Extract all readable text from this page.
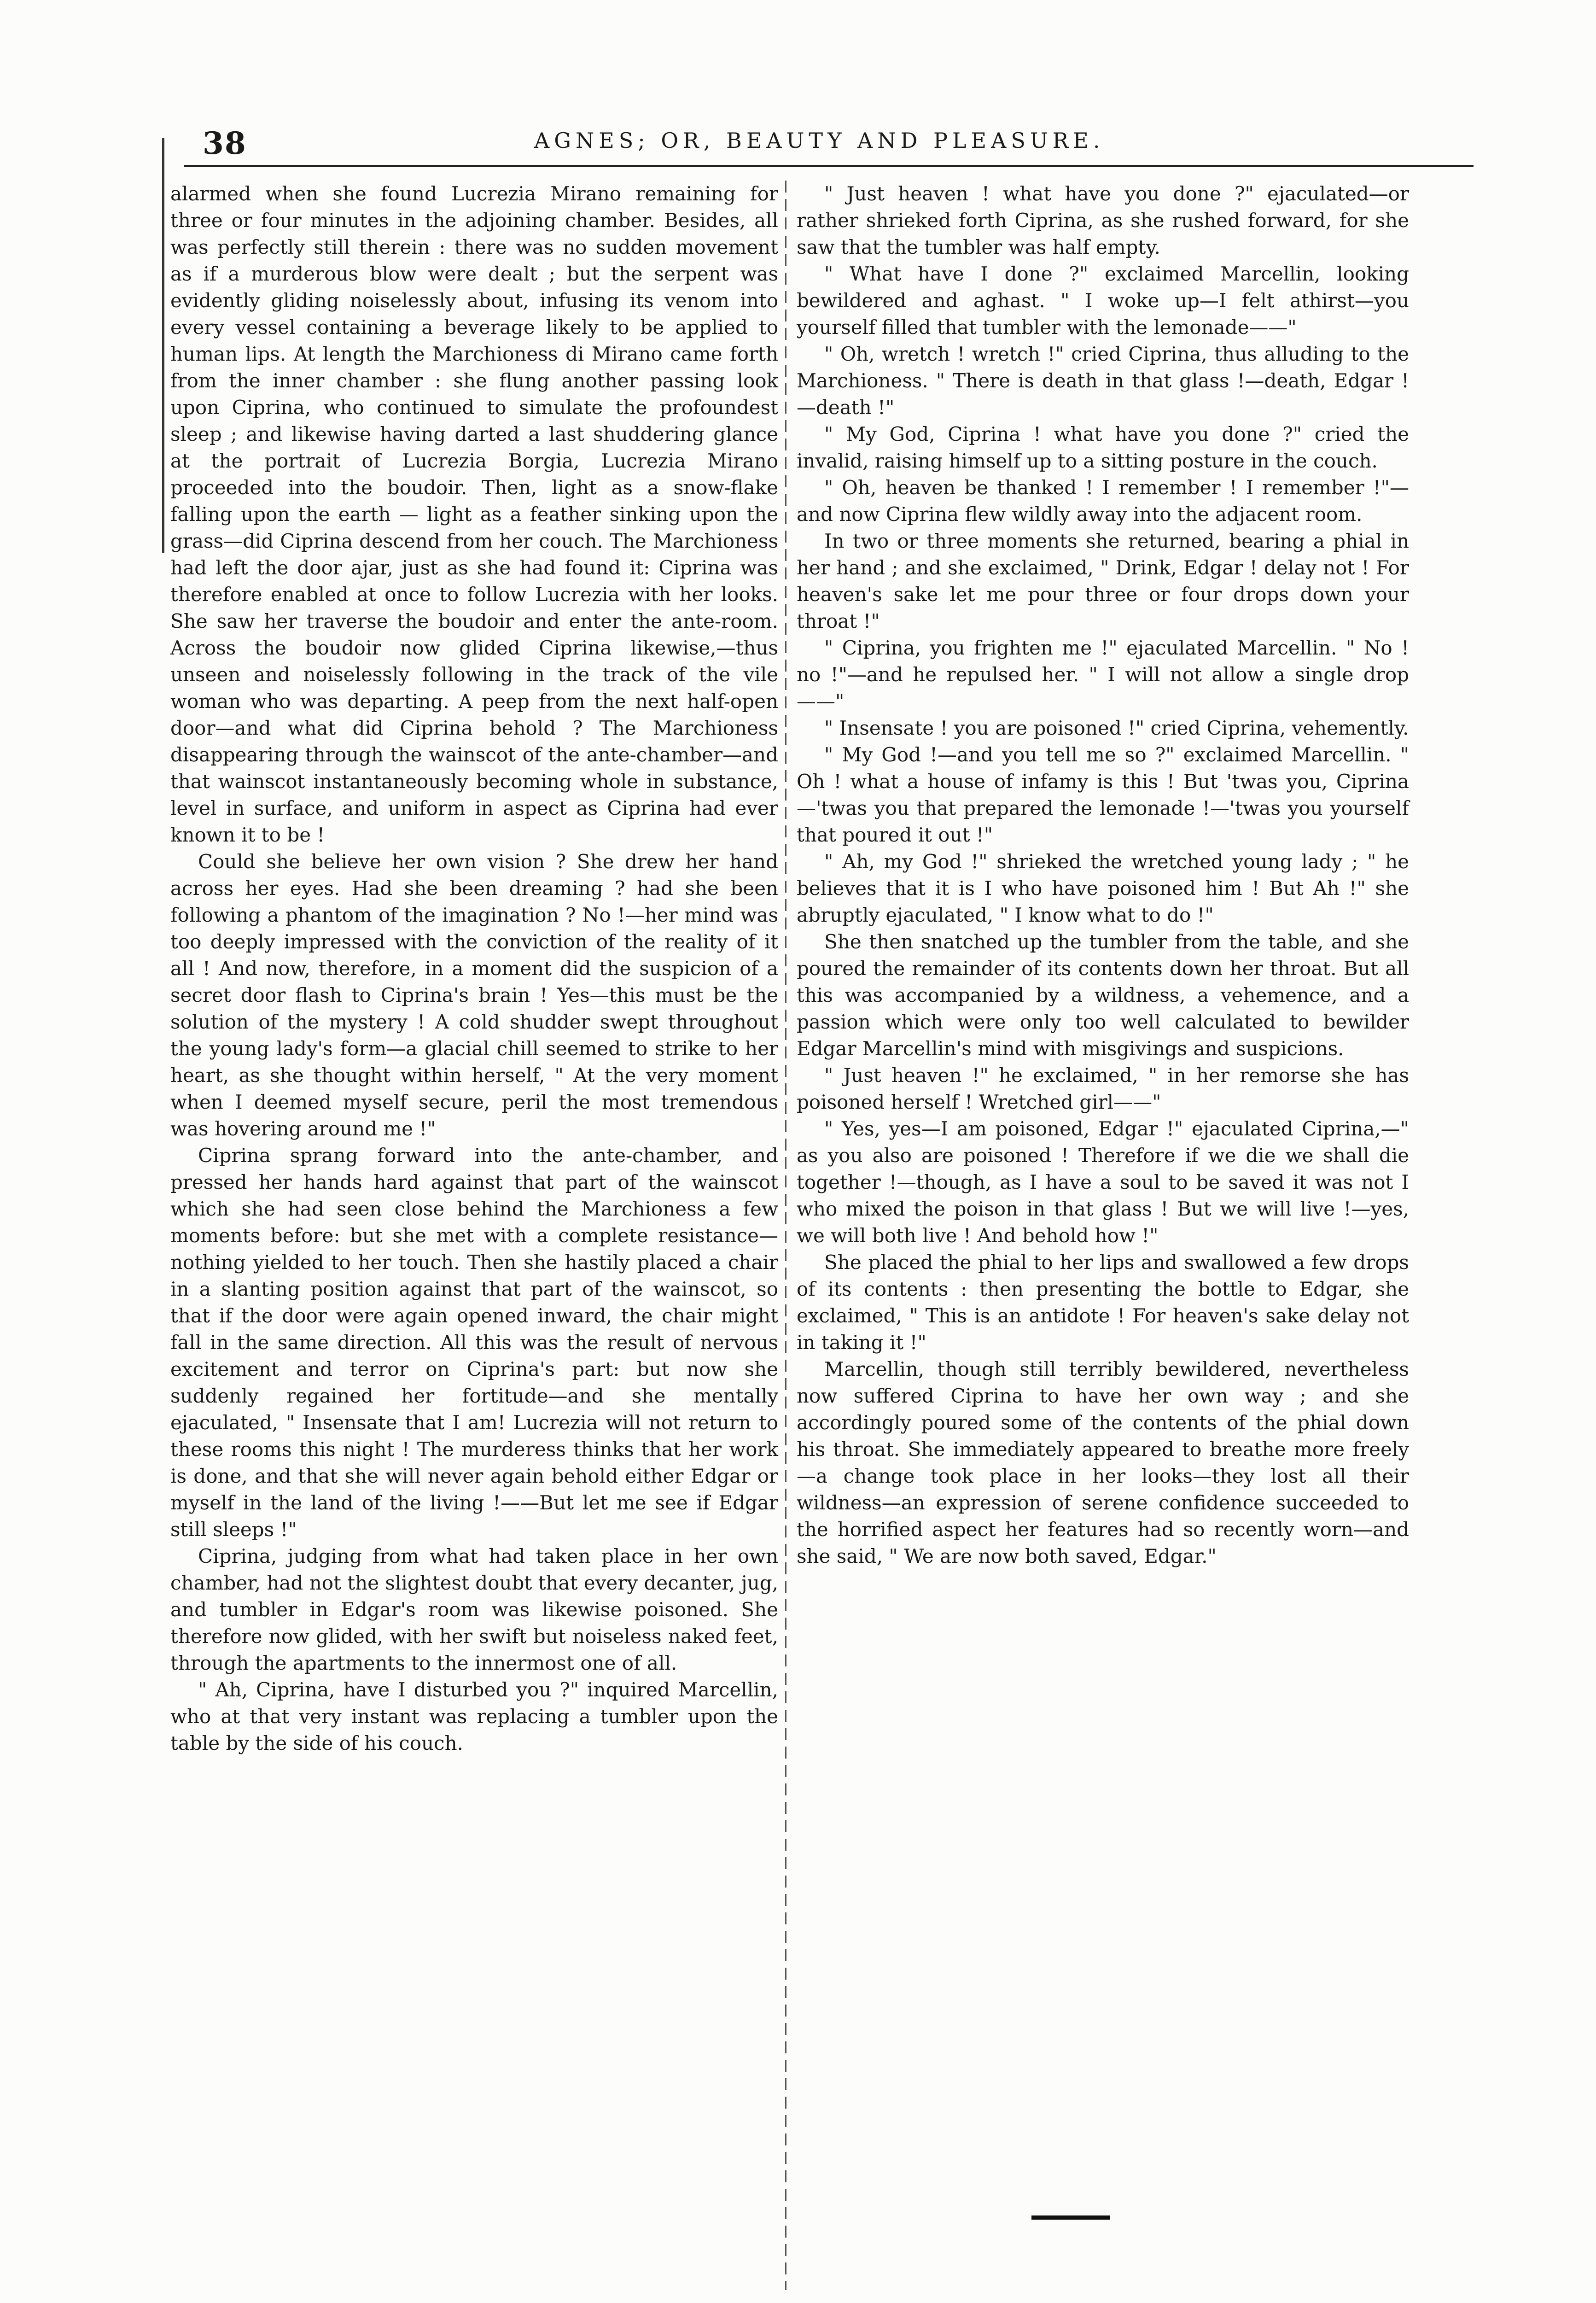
38	AGNES; OR, BEAUTY AND PLEASURE.

alarmed when she found Lucrezia Mirano remaining for three or four minutes in the adjoining chamber. Besides, all was perfectly still therein : there was no sudden movement as if a murderous blow were dealt ; but the serpent was evidently gliding noiselessly about, infusing its venom into every vessel containing a beverage likely to be applied to human lips. At length the Marchioness di Mirano came forth from the inner chamber : she flung another passing look upon Ciprina, who continued to simulate the profoundest sleep ; and likewise having darted a last shuddering glance at the portrait of Lucrezia Borgia, Lucrezia Mirano proceeded into the boudoir. Then, light as a snow-flake falling upon the earth — light as a feather sinking upon the grass—did Ciprina descend from her couch. The Marchioness had left the door ajar, just as she had found it: Ciprina was therefore enabled at once to follow Lucrezia with her looks. She saw her traverse the boudoir and enter the ante-room. Across the boudoir now glided Ciprina likewise,—thus unseen and noiselessly following in the track of the vile woman who was departing. A peep from the next half-open door—and what did Ciprina behold ? The Marchioness disappearing through the wainscot of the ante-chamber—and that wainscot instantaneously becoming whole in substance, level in surface, and uniform in aspect as Ciprina had ever known it to be !

Could she believe her own vision ? She drew her hand across her eyes. Had she been dreaming ? had she been following a phantom of the imagination ? No !—her mind was too deeply impressed with the conviction of the reality of it all ! And now, therefore, in a moment did the suspicion of a secret door flash to Ciprina's brain ! Yes—this must be the solution of the mystery ! A cold shudder swept throughout the young lady's form—a glacial chill seemed to strike to her heart, as she thought within herself, " At the very moment when I deemed myself secure, peril the most tremendous was hovering around me !"

Ciprina sprang forward into the ante-chamber, and pressed her hands hard against that part of the wainscot which she had seen close behind the Marchioness a few moments before: but she met with a complete resistance—nothing yielded to her touch. Then she hastily placed a chair in a slanting position against that part of the wainscot, so that if the door were again opened inward, the chair might fall in the same direction. All this was the result of nervous excitement and terror on Ciprina's part: but now she suddenly regained her fortitude—and she mentally ejaculated, " Insensate that I am! Lucrezia will not return to these rooms this night ! The murderess thinks that her work is done, and that she will never again behold either Edgar or myself in the land of the living !——But let me see if Edgar still sleeps !"

Ciprina, judging from what had taken place in her own chamber, had not the slightest doubt that every decanter, jug, and tumbler in Edgar's room was likewise poisoned. She therefore now glided, with her swift but noiseless naked feet, through the apartments to the innermost one of all.

" Ah, Ciprina, have I disturbed you ?" inquired Marcellin, who at that very instant was replacing a tumbler upon the table by the side of his couch.

" Just heaven ! what have you done ?" ejaculated—or rather shrieked forth Ciprina, as she rushed forward, for she saw that the tumbler was half empty.

" What have I done ?" exclaimed Marcellin, looking bewildered and aghast. " I woke up—I felt athirst—you yourself filled that tumbler with the lemonade——"

" Oh, wretch ! wretch !" cried Ciprina, thus alluding to the Marchioness. " There is death in that glass !—death, Edgar !—death !"

" My God, Ciprina ! what have you done ?" cried the invalid, raising himself up to a sitting posture in the couch.

" Oh, heaven be thanked ! I remember ! I remember !"—and now Ciprina flew wildly away into the adjacent room.

In two or three moments she returned, bearing a phial in her hand ; and she exclaimed, " Drink, Edgar ! delay not ! For heaven's sake let me pour three or four drops down your throat !"

" Ciprina, you frighten me !" ejaculated Marcellin. " No ! no !"—and he repulsed her. " I will not allow a single drop——"

" Insensate ! you are poisoned !" cried Ciprina, vehemently.

" My God !—and you tell me so ?" exclaimed Marcellin. " Oh ! what a house of infamy is this ! But 'twas you, Ciprina—'twas you that prepared the lemonade !—'twas you yourself that poured it out !"

" Ah, my God !" shrieked the wretched young lady ; " he believes that it is I who have poisoned him ! But Ah !" she abruptly ejaculated, " I know what to do !"

She then snatched up the tumbler from the table, and she poured the remainder of its contents down her throat. But all this was accompanied by a wildness, a vehemence, and a passion which were only too well calculated to bewilder Edgar Marcellin's mind with misgivings and suspicions.

" Just heaven !" he exclaimed, " in her remorse she has poisoned herself ! Wretched girl——"

" Yes, yes—I am poisoned, Edgar !" ejaculated Ciprina,—" as you also are poisoned ! Therefore if we die we shall die together !—though, as I have a soul to be saved it was not I who mixed the poison in that glass ! But we will live !—yes, we will both live ! And behold how !"

She placed the phial to her lips and swallowed a few drops of its contents : then presenting the bottle to Edgar, she exclaimed, " This is an antidote ! For heaven's sake delay not in taking it !"

Marcellin, though still terribly bewildered, nevertheless now suffered Ciprina to have her own way ; and she accordingly poured some of the contents of the phial down his throat. She immediately appeared to breathe more freely—a change took place in her looks—they lost all their wildness—an expression of serene confidence succeeded to the horrified aspect her features had so recently worn—and she said, " We are now both saved, Edgar."
